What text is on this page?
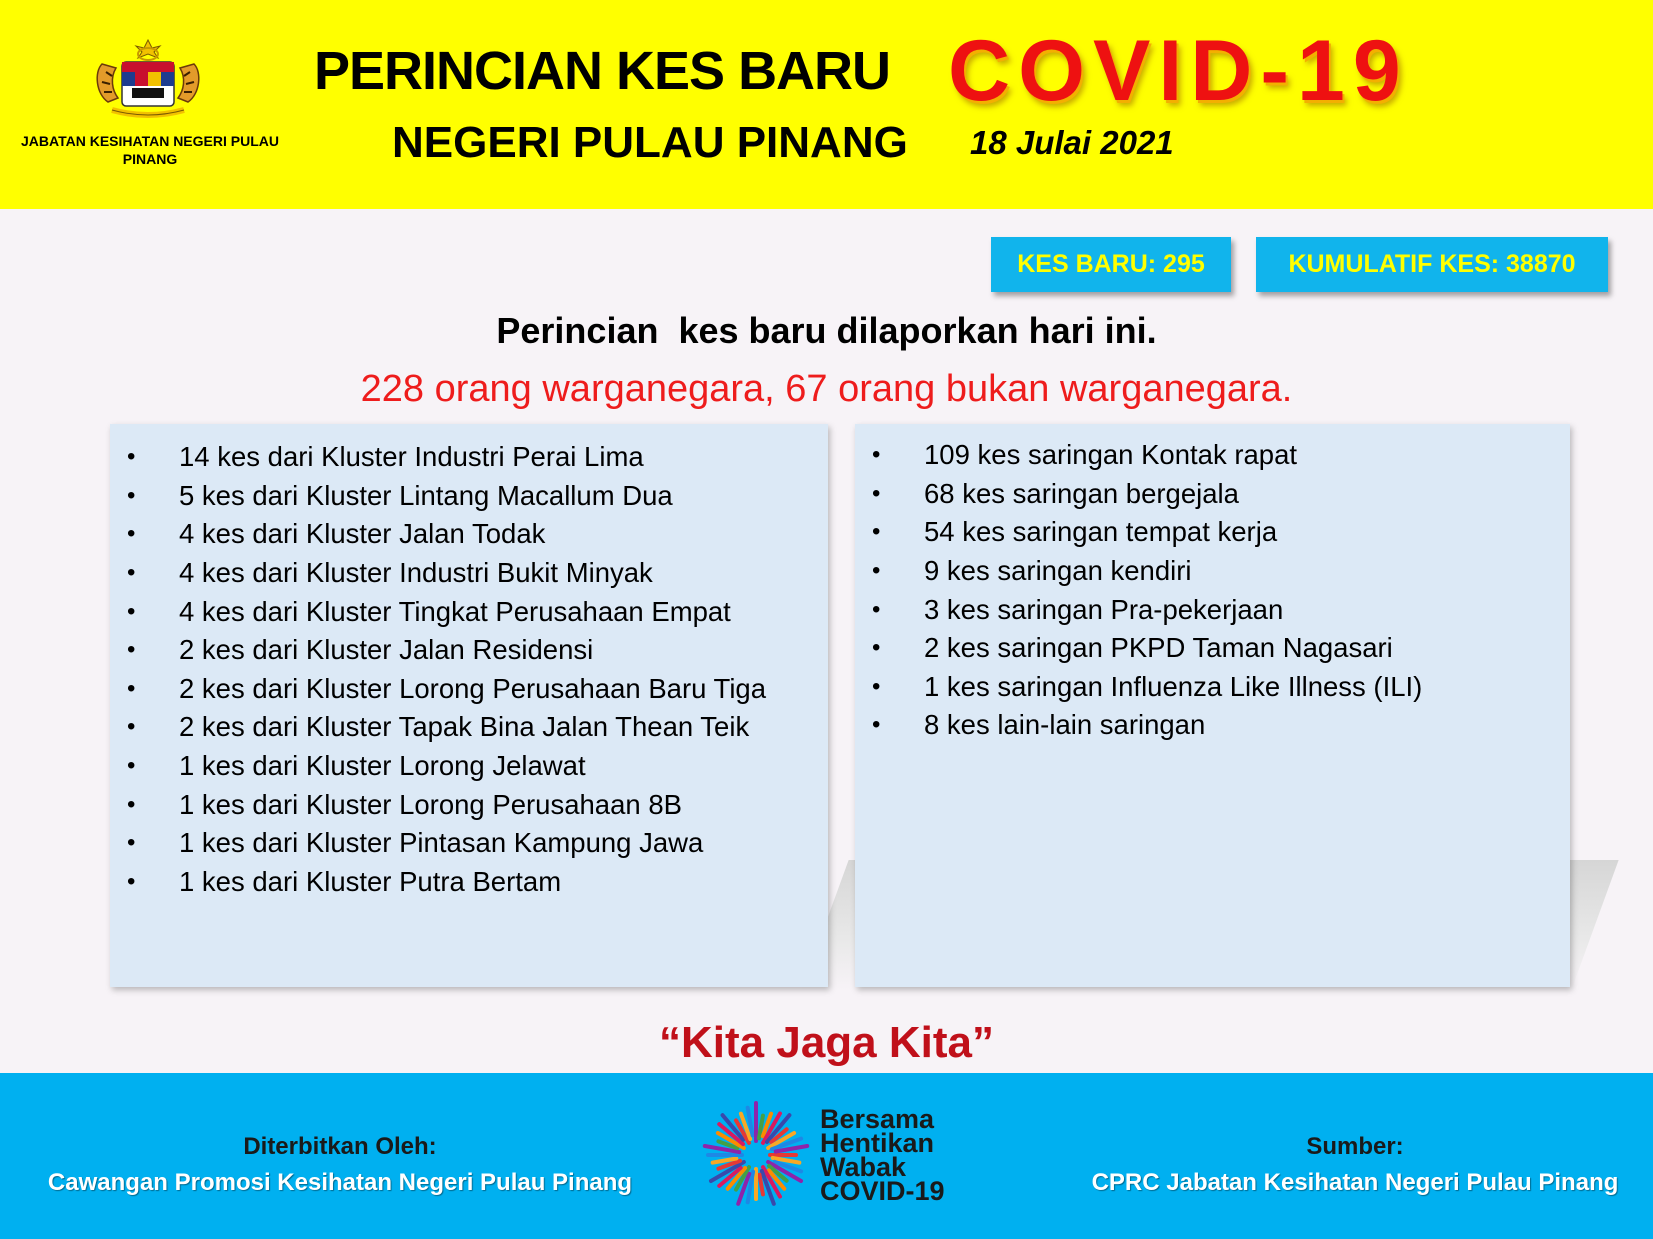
JABATAN KESIHATAN NEGERI PULAU PINANG
PERINCIAN KES BARU COVID-19
NEGERI PULAU PINANG 18 Julai 2021
KES BARU: 295	KUMULATIF KES: 38870
Perincian  kes baru dilaporkan hari ini.
228 orang warganegara, 67 orang bukan warganegara.
•	14 kes dari Kluster Industri Perai Lima
•	5 kes dari Kluster Lintang Macallum Dua
•	4 kes dari Kluster Jalan Todak
•	4 kes dari Kluster Industri Bukit Minyak
•	4 kes dari Kluster Tingkat Perusahaan Empat
•	2 kes dari Kluster Jalan Residensi
•	2 kes dari Kluster Lorong Perusahaan Baru Tiga
•	2 kes dari Kluster Tapak Bina Jalan Thean Teik
•	1 kes dari Kluster Lorong Jelawat
•	1 kes dari Kluster Lorong Perusahaan 8B
•	1 kes dari Kluster Pintasan Kampung Jawa
•	1 kes dari Kluster Putra Bertam
•	109 kes saringan Kontak rapat
•	68 kes saringan bergejala
•	54 kes saringan tempat kerja
•	9 kes saringan kendiri
•	3 kes saringan Pra-pekerjaan
•	2 kes saringan PKPD Taman Nagasari
•	1 kes saringan Influenza Like Illness (ILI)
•	8 kes lain-lain saringan
“Kita Jaga Kita”
Diterbitkan Oleh:
Cawangan Promosi Kesihatan Negeri Pulau Pinang
Bersama
Hentikan
Wabak
COVID-19
Sumber:
CPRC Jabatan Kesihatan Negeri Pulau Pinang
